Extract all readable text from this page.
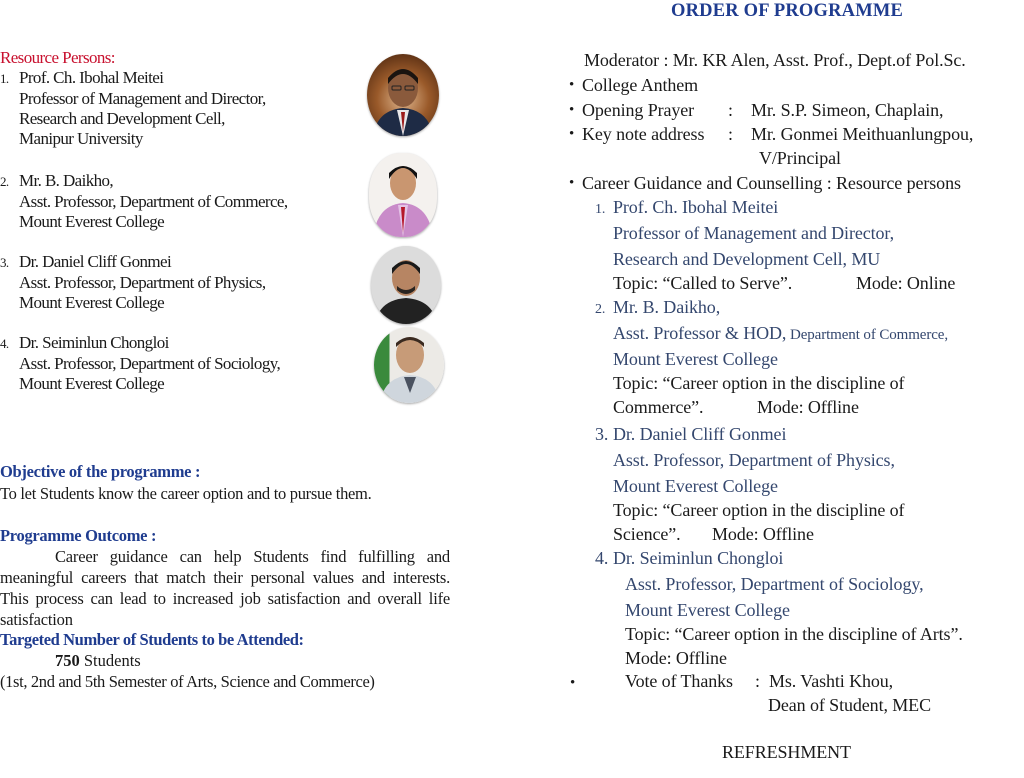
ORDER OF PROGRAMME
Resource Persons:
1. Prof. Ch. Ibohal Meitei
Professor of Management and Director,
Research and Development Cell,
Manipur University
2. Mr. B. Daikho,
Asst. Professor, Department of Commerce,
Mount Everest College
3. Dr. Daniel Cliff Gonmei
Asst. Professor, Department of Physics,
Mount Everest College
4. Dr. Seiminlun Chongloi
Asst. Professor, Department of Sociology,
Mount Everest College
Objective of the programme :
To let Students know the career option and to pursue them.
Programme Outcome :
Career guidance can help Students find fulfilling and meaningful careers that match their personal values and interests. This process can lead to increased job satisfaction and overall life satisfaction
Targeted Number of Students to be Attended:
750 Students
(1st, 2nd and 5th Semester of Arts, Science and Commerce)
Moderator : Mr. KR Alen, Asst. Prof., Dept.of Pol.Sc.
• College Anthem
• Opening Prayer : Mr. S.P. Simeon, Chaplain,
• Key note address : Mr. Gonmei Meithuanlungpou,
V/Principal
• Career Guidance and Counselling : Resource persons
1. Prof. Ch. Ibohal Meitei
Professor of Management and Director,
Research and Development Cell, MU
Topic: “Called to Serve”.	Mode: Online
2. Mr. B. Daikho,
Asst. Professor & HOD, Department of Commerce,
Mount Everest College
Topic: “Career option in the discipline of
Commerce”.	Mode: Offline
3. Dr. Daniel Cliff Gonmei
Asst. Professor, Department of Physics,
Mount Everest College
Topic: “Career option in the discipline of
Science”. Mode: Offline
4. Dr. Seiminlun Chongloi
Asst. Professor, Department of Sociology,
Mount Everest College
Topic: “Career option in the discipline of Arts”.
Mode: Offline
•	Vote of Thanks : Ms. Vashti Khou,
Dean of Student, MEC
REFRESHMENT
